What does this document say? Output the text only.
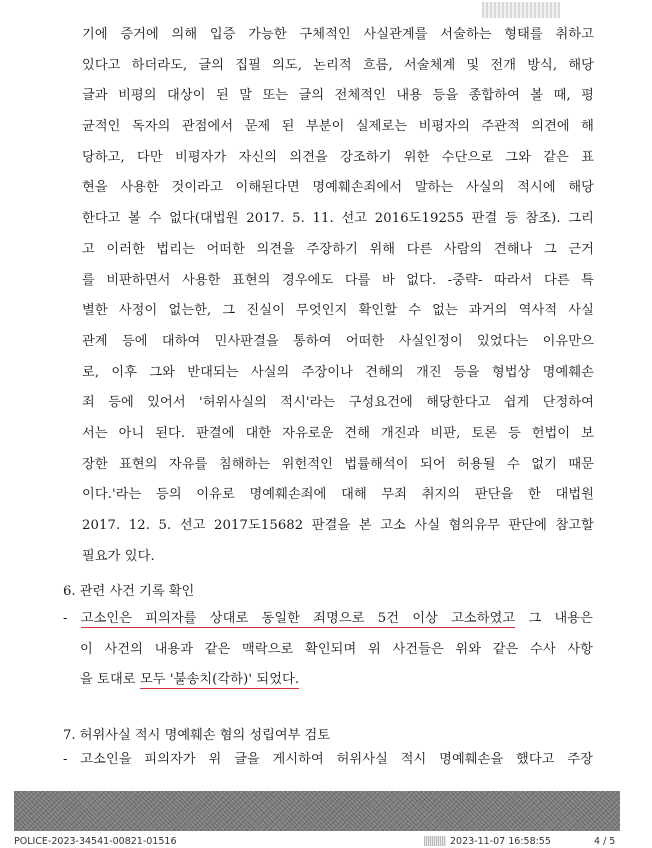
기에 증거에 의해 입증 가능한 구체적인 사실관계를 서술하는 형태를 취하고
있다고 하더라도, 글의 집필 의도, 논리적 흐름, 서술체계 및 전개 방식, 해당
글과 비평의 대상이 된 말 또는 글의 전체적인 내용 등을 종합하여 볼 때, 평
균적인 독자의 관점에서 문제 된 부분이 실제로는 비평자의 주관적 의견에 해
당하고, 다만 비평자가 자신의 의견을 강조하기 위한 수단으로 그와 같은 표
현을 사용한 것이라고 이해된다면 명예훼손죄에서 말하는 사실의 적시에 해당
한다고 볼 수 없다(대법원 2017. 5. 11. 선고 2016도19255 판결 등 참조). 그리
고 이러한 법리는 어떠한 의견을 주장하기 위해 다른 사람의 견해나 그 근거
를 비판하면서 사용한 표현의 경우에도 다를 바 없다. -중략- 따라서 다른 특
별한 사정이 없는한, 그 진실이 무엇인지 확인할 수 없는 과거의 역사적 사실
관계 등에 대하여 민사판결을 통하여 어떠한 사실인정이 있었다는 이유만으
로, 이후 그와 반대되는 사실의 주장이나 견해의 개진 등을 형법상 명예훼손
죄 등에 있어서 '허위사실의 적시'라는 구성요건에 해당한다고 쉽게 단정하여
서는 아니 된다. 판결에 대한 자유로운 견해 개진과 비판, 토론 등 헌법이 보
장한 표현의 자유를 침해하는 위헌적인 법률해석이 되어 허용될 수 없기 때문
이다.'라는 등의 이유로 명예훼손죄에 대해 무죄 취지의 판단을 한 대법원
2017. 12. 5. 선고 2017도15682 판결을 본 고소 사실 혐의유무 판단에 참고할
필요가 있다.
6. 관련 사건 기록 확인
- 고소인은 피의자를 상대로 동일한 죄명으로 5건 이상 고소하였고 그 내용은
이 사건의 내용과 같은 맥락으로 확인되며 위 사건들은 위와 같은 수사 사항
을 토대로 모두 '불송치(각하)' 되었다.
7. 허위사실 적시 명예훼손 혐의 성립여부 검토
- 고소인을 피의자가 위 글을 게시하여 허위사실 적시 명예훼손을 했다고 주장
POLICE-2023-34541-00821-01516	2023-11-07 16:58:55	4 / 5
